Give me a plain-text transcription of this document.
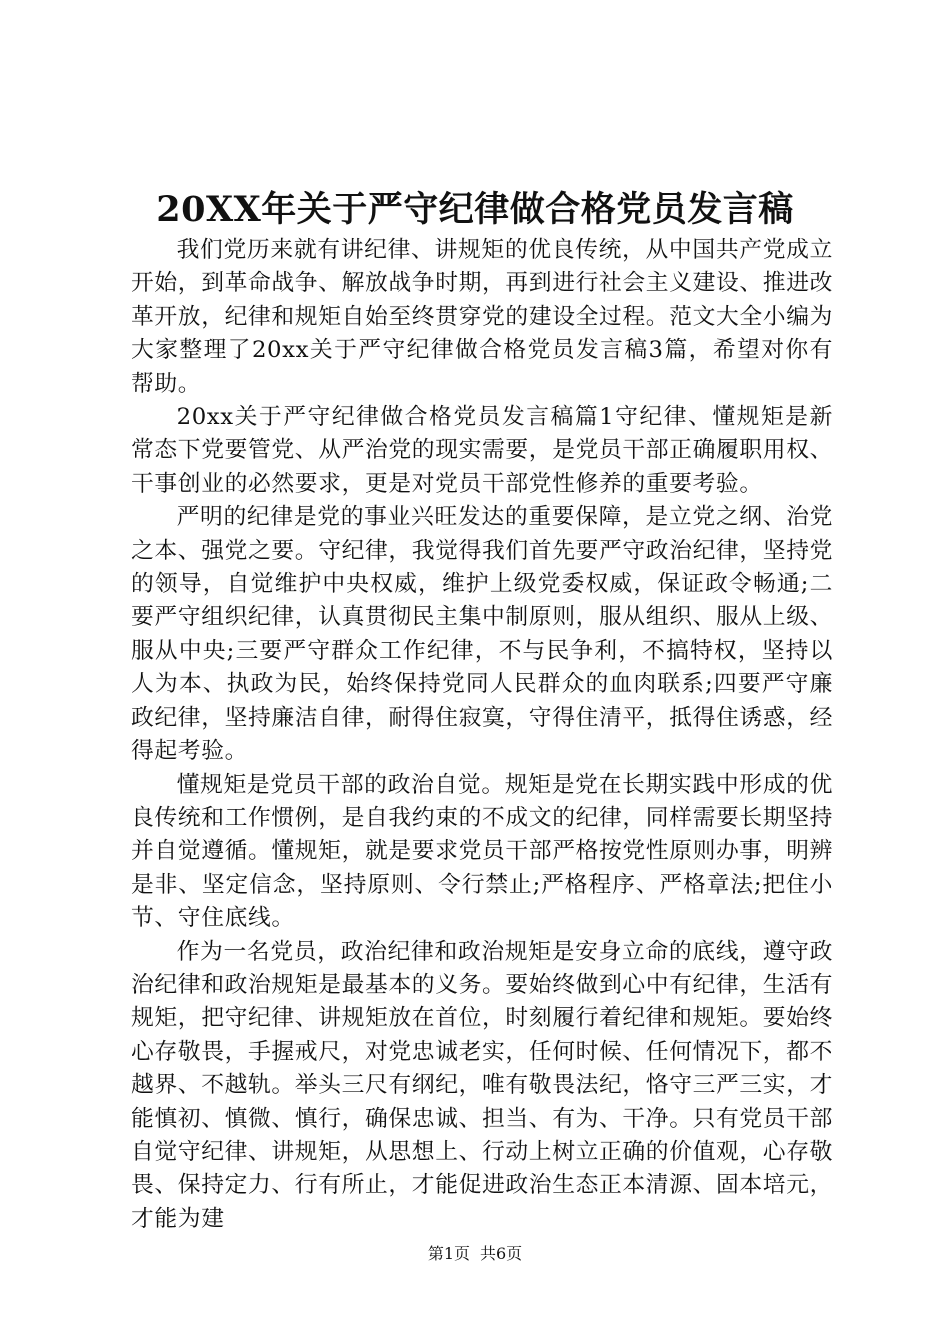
20XX年关于严守纪律做合格党员发言稿

我们党历来就有讲纪律、讲规矩的优良传统，从中国共产党成立开始，到革命战争、解放战争时期，再到进行社会主义建设、推进改革开放，纪律和规矩自始至终贯穿党的建设全过程。范文大全小编为大家整理了20xx关于严守纪律做合格党员发言稿3篇，希望对你有帮助。

20xx关于严守纪律做合格党员发言稿篇1守纪律、懂规矩是新常态下党要管党、从严治党的现实需要，是党员干部正确履职用权、干事创业的必然要求，更是对党员干部党性修养的重要考验。

严明的纪律是党的事业兴旺发达的重要保障，是立党之纲、治党之本、强党之要。守纪律，我觉得我们首先要严守政治纪律，坚持党的领导，自觉维护中央权威，维护上级党委权威，保证政令畅通;二要严守组织纪律，认真贯彻民主集中制原则，服从组织、服从上级、服从中央;三要严守群众工作纪律，不与民争利，不搞特权，坚持以人为本、执政为民，始终保持党同人民群众的血肉联系;四要严守廉政纪律，坚持廉洁自律，耐得住寂寞，守得住清平，抵得住诱惑，经得起考验。

懂规矩是党员干部的政治自觉。规矩是党在长期实践中形成的优良传统和工作惯例，是自我约束的不成文的纪律，同样需要长期坚持并自觉遵循。懂规矩，就是要求党员干部严格按党性原则办事，明辨是非、坚定信念，坚持原则、令行禁止;严格程序、严格章法;把住小节、守住底线。

作为一名党员，政治纪律和政治规矩是安身立命的底线，遵守政治纪律和政治规矩是最基本的义务。要始终做到心中有纪律，生活有规矩，把守纪律、讲规矩放在首位，时刻履行着纪律和规矩。要始终心存敬畏，手握戒尺，对党忠诚老实，任何时候、任何情况下，都不越界、不越轨。举头三尺有纲纪，唯有敬畏法纪，恪守三严三实，才能慎初、慎微、慎行，确保忠诚、担当、有为、干净。只有党员干部自觉守纪律、讲规矩，从思想上、行动上树立正确的价值观，心存敬畏、保持定力、行有所止，才能促进政治生态正本清源、固本培元，才能为建

第1页 共6页
